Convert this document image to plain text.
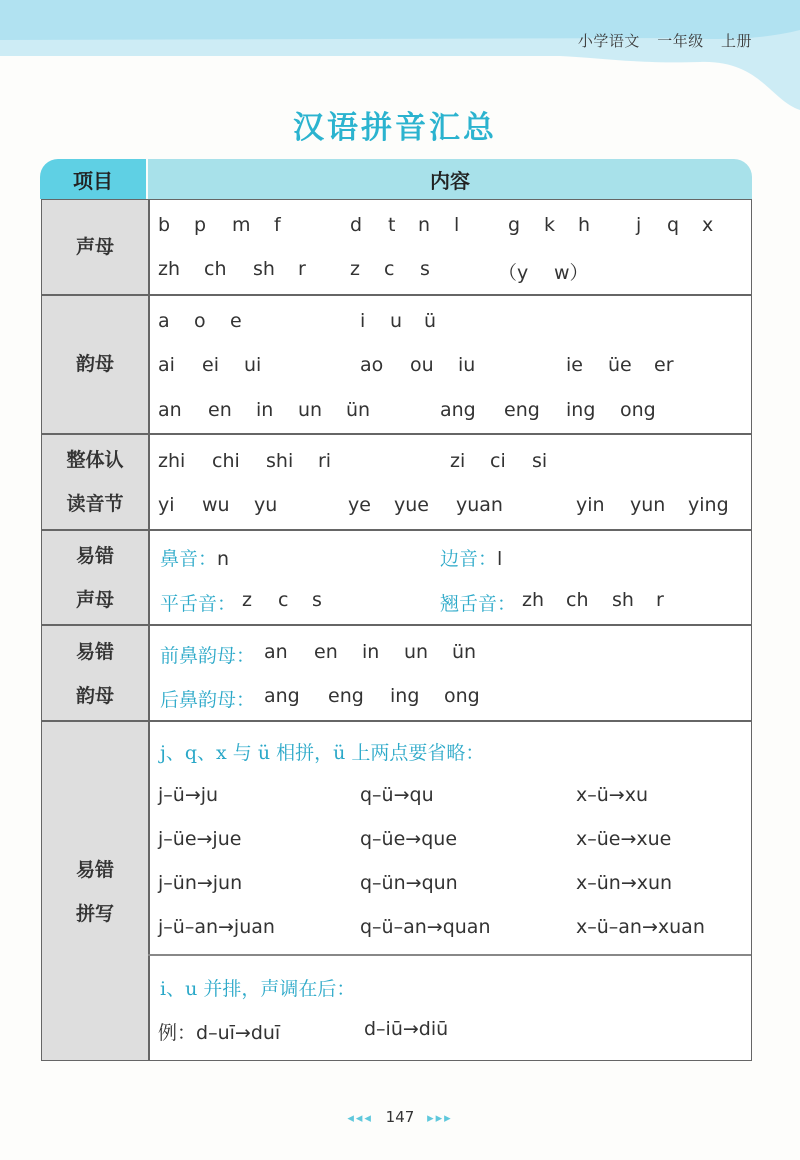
小学语文 一年级 上册
汉语拼音汇总
项目	内容
声母
b p m f	d t n l	g k h j q x
zh ch sh r z c s	（y w）
韵母
a o e	i u ü
ai ei ui	ao ou iu	ie üe er
an en in un ün	ang eng ing ong
整体认
读音节
zhi chi shi ri	zi ci si
yi wu yu	ye yue yuan	yin yun ying
易错
声母
鼻音：n	边音：l
平舌音： z c s	翘舌音： zh ch sh r
易错
韵母
前鼻韵母： an en in un ün
后鼻韵母： ang eng ing ong
易错
拼写
j、q、x 与 ü 相拼，ü 上两点要省略：
j–ü→ju	q–ü→qu	x–ü→xu
j–üe→jue	q–üe→que	x–üe→xue
j–ün→jun	q–ün→qun	x–ün→xun
j–ü–an→juan	q–ü–an→quan	x–ü–an→xuan
i、u 并排，声调在后：
例：d–uī→duī	d–iū→diū
◂◂◂ 147 ▸▸▸
